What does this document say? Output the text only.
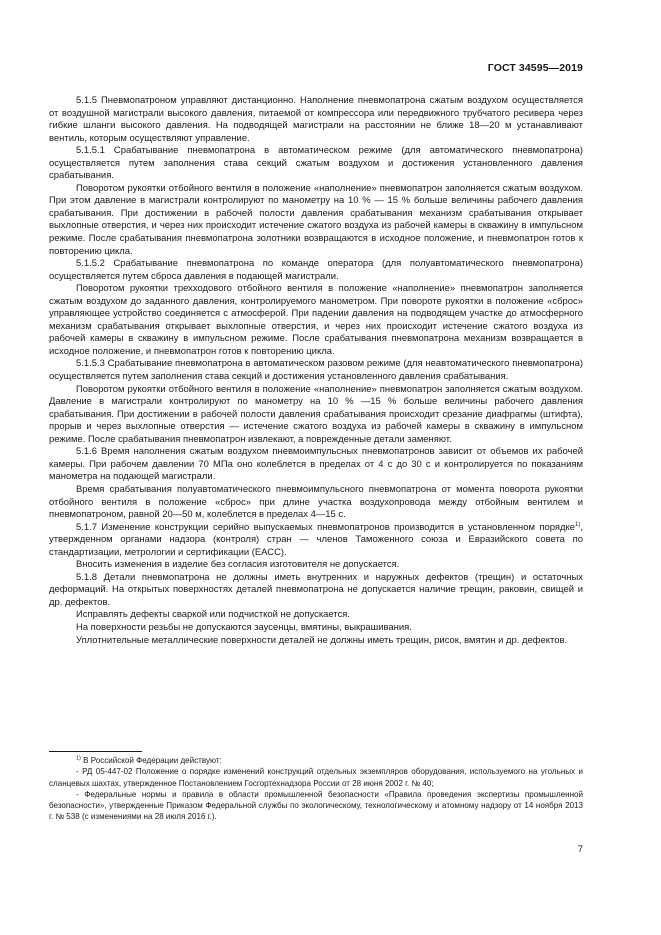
ГОСТ 34595—2019

5.1.5 Пневмопатроном управляют дистанционно. Наполнение пневмопатрона сжатым воздухом осуществляется от воздушной магистрали высокого давления, питаемой от компрессора или передвижного трубчатого ресивера через гибкие шланги высокого давления. На подводящей магистрали на расстоянии не ближе 18—20 м устанавливают вентиль, которым осуществляют управление.

5.1.5.1 Срабатывание пневмопатрона в автоматическом режиме (для автоматического пневмопатрона) осуществляется путем заполнения става секций сжатым воздухом и достижения установленного давления срабатывания.

Поворотом рукоятки отбойного вентиля в положение «наполнение» пневмопатрон заполняется сжатым воздухом. При этом давление в магистрали контролируют по манометру на 10 % — 15 % больше величины рабочего давления срабатывания. При достижении в рабочей полости давления срабатывания механизм срабатывания открывает выхлопные отверстия, и через них происходит истечение сжатого воздуха из рабочей камеры в скважину в импульсном режиме. После срабатывания пневмопатрона золотники возвращаются в исходное положение, и пневмопатрон готов к повторению цикла.

5.1.5.2 Срабатывание пневмопатрона по команде оператора (для полуавтоматического пневмопатрона) осуществляется путем сброса давления в подающей магистрали.

Поворотом рукоятки трехходового отбойного вентиля в положение «наполнение» пневмопатрон заполняется сжатым воздухом до заданного давления, контролируемого манометром. При повороте рукоятки в положение «сброс» управляющее устройство соединяется с атмосферой. При падении давления на подводящем участке до атмосферного механизм срабатывания открывает выхлопные отверстия, и через них происходит истечение сжатого воздуха из рабочей камеры в скважину в импульсном режиме. После срабатывания пневмопатрона механизм возвращается в исходное положение, и пневмопатрон готов к повторению цикла.

5.1.5.3 Срабатывание пневмопатрона в автоматическом разовом режиме (для неавтоматического пневмопатрона) осуществляется путем заполнения става секций и достижения установленного давления срабатывания.

Поворотом рукоятки отбойного вентиля в положение «наполнение» пневмопатрон заполняется сжатым воздухом. Давление в магистрали контролируют по манометру на 10 % —15 % больше величины рабочего давления срабатывания. При достижении в рабочей полости давления срабатывания происходит срезание диафрагмы (штифта), прорыв и через выхлопные отверстия — истечение сжатого воздуха из рабочей камеры в скважину в импульсном режиме. После срабатывания пневмопатрон извлекают, а поврежденные детали заменяют.

5.1.6 Время наполнения сжатым воздухом пневмоимпульсных пневмопатронов зависит от объемов их рабочей камеры. При рабочем давлении 70 МПа оно колеблется в пределах от 4 с до 30 с и контролируется по показаниям манометра на подающей магистрали.

Время срабатывания полуавтоматического пневмоимпульсного пневмопатрона от момента поворота рукоятки отбойного вентиля в положение «сброс» при длине участка воздухопровода между отбойным вентилем и пневмопатроном, равной 20—50 м, колеблется в пределах 4—15 с.

5.1.7 Изменение конструкции серийно выпускаемых пневмопатронов производится в установленном порядке$^{1)}$, утвержденном органами надзора (контроля) стран — членов Таможенного союза и Евразийского совета по стандартизации, метрологии и сертификации (ЕАСС).

Вносить изменения в изделие без согласия изготовителя не допускается.

5.1.8 Детали пневмопатрона не должны иметь внутренних и наружных дефектов (трещин) и остаточных деформаций. На открытых поверхностях деталей пневмопатрона не допускается наличие трещин, раковин, свищей и др. дефектов.

Исправлять дефекты сваркой или подчисткой не допускается.

На поверхности резьбы не допускаются заусенцы, вмятины, выкрашивания.

Уплотнительные металлические поверхности деталей не должны иметь трещин, рисок, вмятин и др. дефектов.

$^{1)}$ В Российской Федерации действуют:

- РД 05-447-02 Положение о порядке изменений конструкций отдельных экземпляров оборудования, используемого на угольных и сланцевых шахтах, утвержденное Постановлением Госгортехнадзора России от 28 июня 2002 г. № 40;

- Федеральные нормы и правила в области промышленной безопасности «Правила проведения экспертизы промышленной безопасности», утвержденные Приказом Федеральной службы по экологическому, технологическому и атомному надзору от 14 ноября 2013 г. № 538 (с изменениями на 28 июля 2016 г.).

7
